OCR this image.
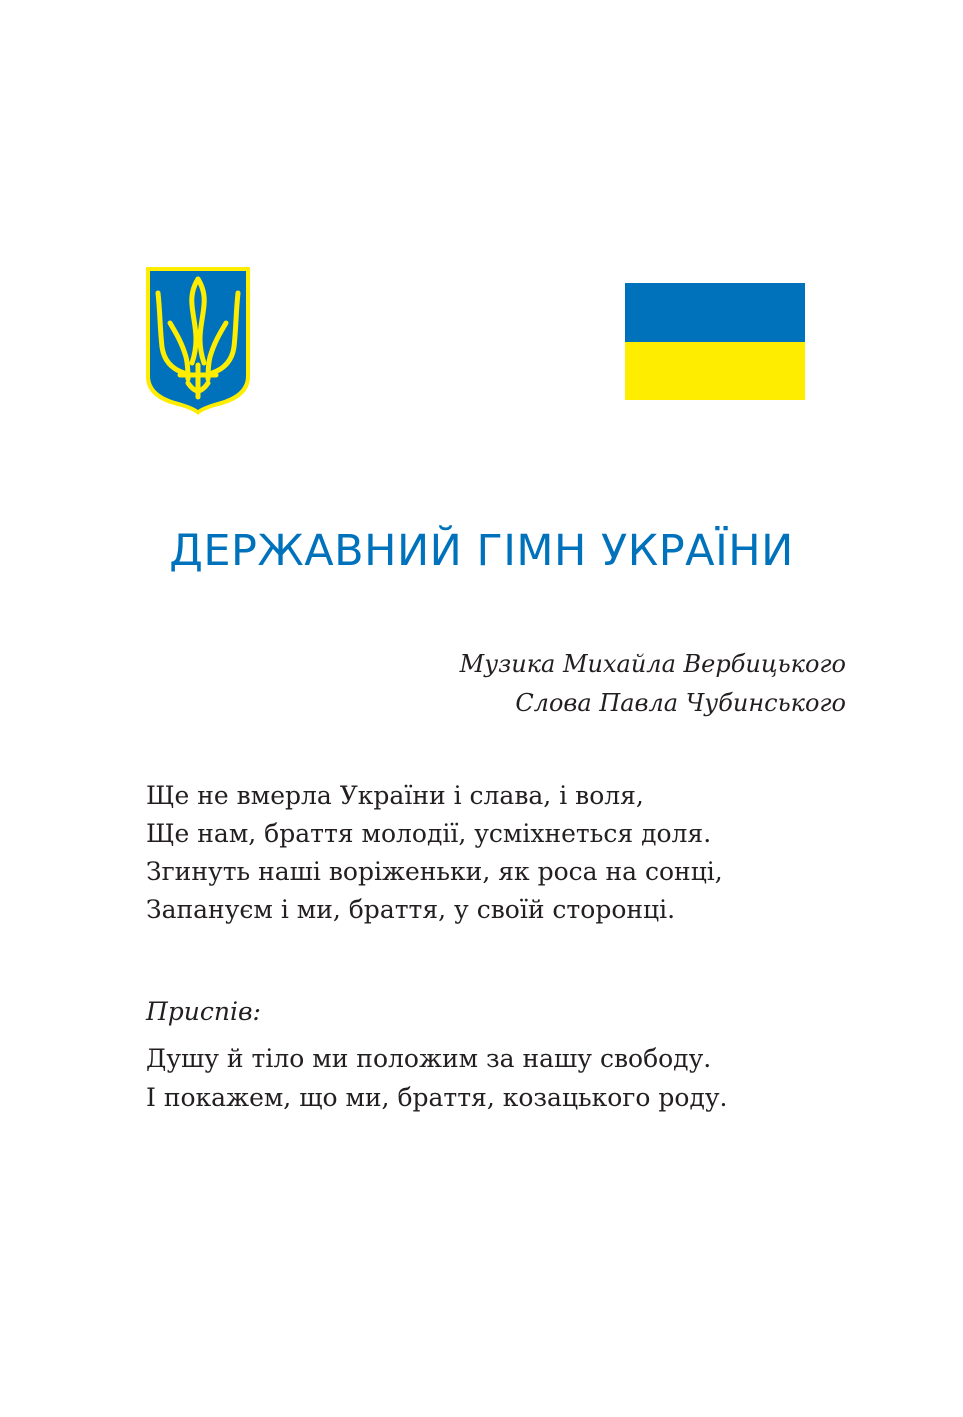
ДЕРЖАВНИЙ ГІМН УКРАЇНИ
Музика Михайла Вербицького
Слова Павла Чубинського
Ще не вмерла України і слава, і воля,
Ще нам, браття молодії, усміхнеться доля.
Згинуть наші воріженьки, як роса на сонці,
Запануєм і ми, браття, у своїй сторонці.
Приспів:
Душу й тіло ми положим за нашу свободу.
І покажем, що ми, браття, козацького роду.
